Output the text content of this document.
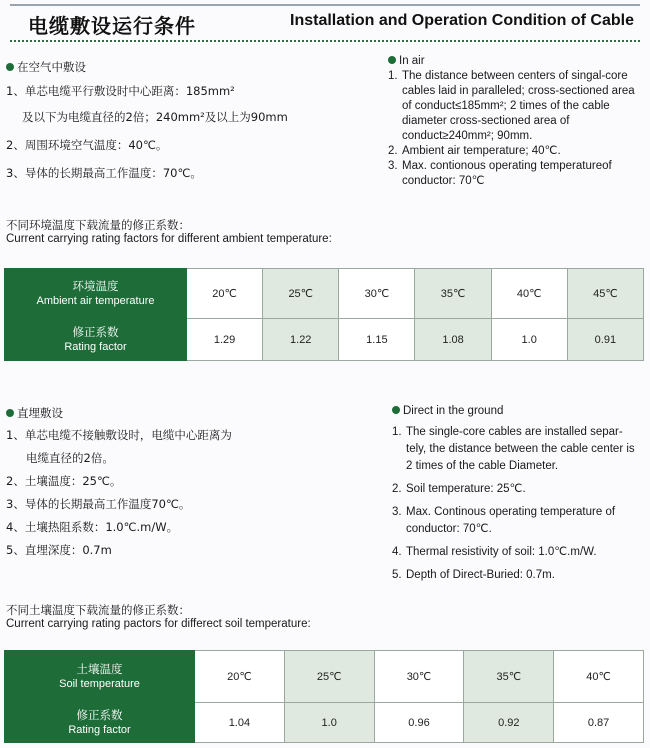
电缆敷设运行条件	Installation and Operation Condition of Cable
在空气中敷设
1、单芯电缆平行敷设时中心距离：185mm²
及以下为电缆直径的2倍；240mm²及以上为90mm
2、周围环境空气温度：40℃。
3、导体的长期最高工作温度：70℃。
In air
1. The distance between centers of singal-core cables laid in paralleled; cross-sectioned area of conduct≤185mm²; 2 times of the cable diameter cross-sectioned area of conduct≥240mm²; 90mm.
2. Ambient air temperature; 40℃.
3. Max. contionous operating temperatureof conductor: 70℃
不同环境温度下载流量的修正系数：
Current carrying rating factors for different ambient temperature:
环境温度
Ambient air temperature	20℃	25℃	30℃	35℃	40℃	45℃

修正系数
Rating factor	1.29	1.22	1.15	1.08	1.0	0.91
直埋敷设
1、单芯电缆不接触敷设时，电缆中心距离为
电缆直径的2倍。
2、土壤温度：25℃。
3、导体的长期最高工作温度70℃。
4、土壤热阻系数：1.0℃.m/W。
5、直埋深度：0.7m
Direct in the ground
1. The single-core cables are installed separ-tely, the distance between the cable center is 2 times of the cable Diameter.
2. Soil temperature: 25℃.
3. Max. Continous operating temperature of conductor: 70℃.
4. Thermal resistivity of soil: 1.0℃.m/W.
5. Depth of Direct-Buried: 0.7m.
不同土壤温度下载流量的修正系数：
Current carrying rating pactors for differect soil temperature:
土壤温度
Soil temperature	20℃	25℃	30℃	35℃	40℃

修正系数
Rating factor	1.04	1.0	0.96	0.92	0.87
